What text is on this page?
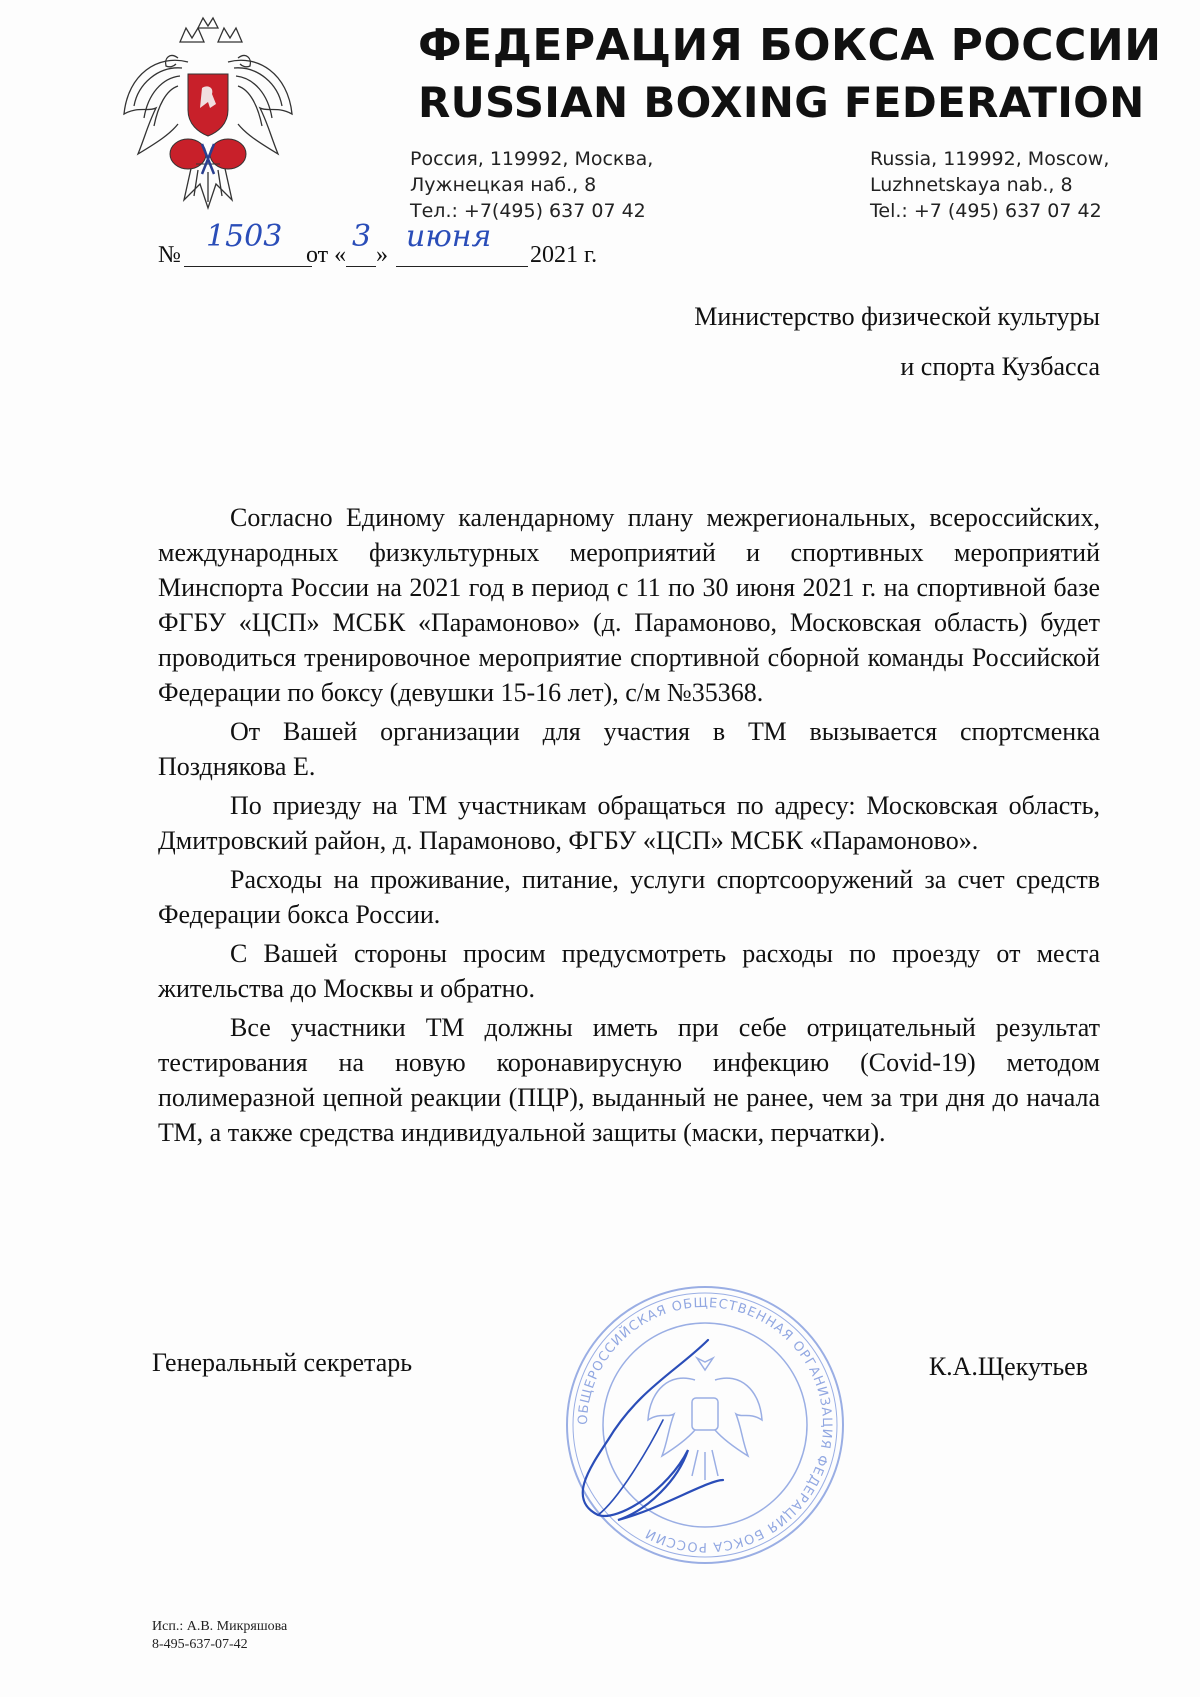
ФЕДЕРАЦИЯ БОКСА РОССИИ
RUSSIAN BOXING FEDERATION
Россия, 119992, Москва,
Лужнецкая наб., 8
Тел.: +7(495) 637 07 42
Russia, 119992, Moscow,
Luzhnetskaya nab., 8
Tel.: +7 (495) 637 07 42
№
1503
от «
3
»
июня
2021 г.
Министерство физической культуры
и спорта Кузбасса

Согласно Единому календарному плану межрегиональных, всероссийских, международных физкультурных мероприятий и спортивных мероприятий Минспорта России на 2021 год в период с 11 по 30 июня 2021 г. на спортивной базе ФГБУ «ЦСП» МСБК «Парамоново» (д. Парамоново, Московская область) будет проводиться тренировочное мероприятие спортивной сборной команды Российской Федерации по боксу (девушки 15-16 лет), с/м №35368.

От Вашей организации для участия в ТМ вызывается спортсменка Позднякова Е.

По приезду на ТМ участникам обращаться по адресу: Московская область, Дмитровский район, д. Парамоново, ФГБУ «ЦСП» МСБК «Парамоново».

Расходы на проживание, питание, услуги спортсооружений за счет средств Федерации бокса России.

С Вашей стороны просим предусмотреть расходы по проезду от места жительства до Москвы и обратно.

Все участники ТМ должны иметь при себе отрицательный результат тестирования на новую коронавирусную инфекцию (Covid-19) методом полимеразной цепной реакции (ПЦР), выданный не ранее, чем за три дня до начала ТМ, а также средства индивидуальной защиты (маски, перчатки).

ОБЩЕРОССИЙСКАЯ ОБЩЕСТВЕННАЯ ОРГАНИЗАЦИЯ ФЕДЕРАЦИЯ БОКСА РОССИИ
Генеральный секретарь	К.А.Щекутьев
Исп.: А.В. Микряшова
8-495-637-07-42
